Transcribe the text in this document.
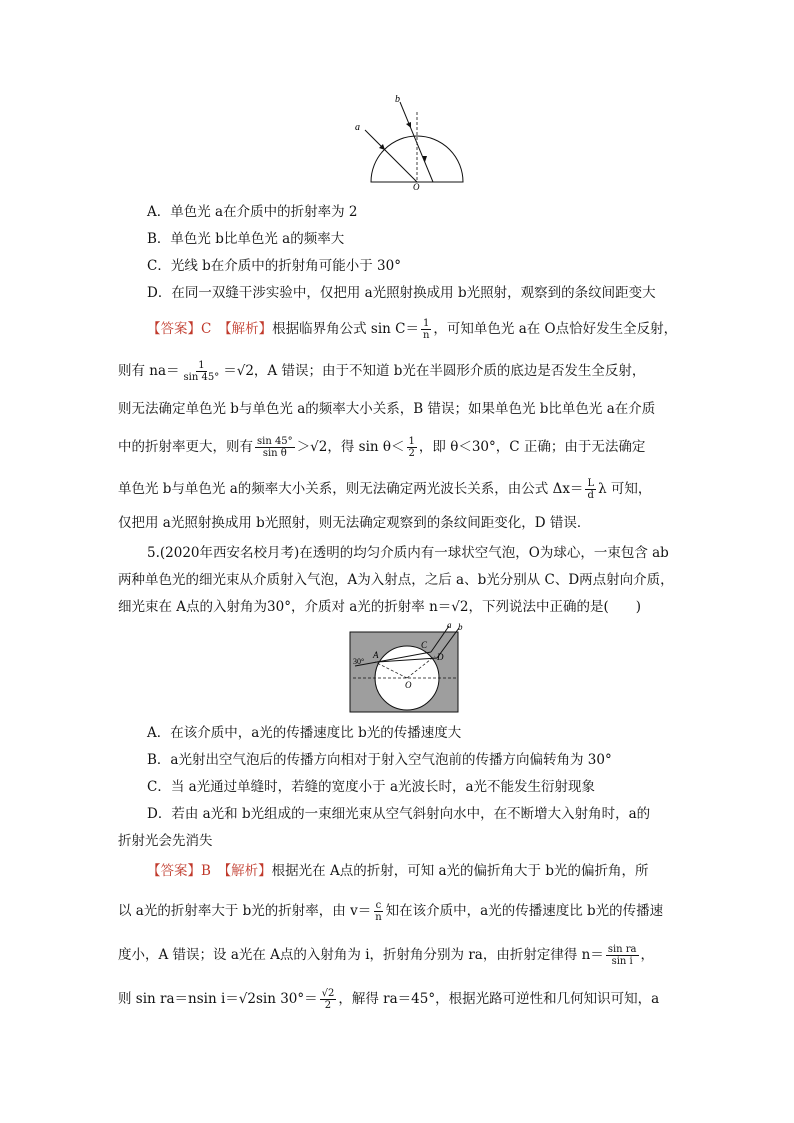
a
b
O
A．单色光 a在介质中的折射率为 2
B．单色光 b比单色光 a的频率大
C．光线 b在介质中的折射角可能小于 30°
D．在同一双缝干涉实验中，仅把用 a光照射换成用 b光照射，观察到的条纹间距变大
【答案】C　 【解析】根据临界角公式 $\sin C= \frac{1}{n}$ ，可知单色光 a在 O点恰好发生全反射，
则有 $na= \frac{1}{\sin 45^\circ} =√2$，A 错误；由于不知道 b光在半圆形介质的底边是否发生全反射，
则无法确定单色光 b与单色光 a的频率大小关系，B 错误；如果单色光 b比单色光 a在介质
中的折射率更大，则有 $\frac{\sin 45^\circ}{\text{sin θ}} >√2$，得 $\sin \theta< \frac{1}{2}$ ，即 θ＜30°，C 正确；由于无法确定
单色光 b与单色光 a的频率大小关系，则无法确定两光波长关系，由公式 $\Delta x= \frac{L}{d}$ λ 可知，
仅把用 a光照射换成用 b光照射，则无法确定观察到的条纹间距变化，D 错误．
5.(2020年西安名校月考)在透明的均匀介质内有一球状空气泡，O为球心，一束包含 ab
两种单色光的细光束从介质射入气泡，A为入射点，之后 a、b光分别从 C、D两点射向介质，
细光束在 A点的入射角为30°，介质对 a光的折射率 n＝√2，下列说法中正确的是(　　)
a b
C
D
A
O
30°
A．在该介质中，a光的传播速度比 b光的传播速度大
B．a光射出空气泡后的传播方向相对于射入空气泡前的传播方向偏转角为 30°
C．当 a光通过单缝时，若缝的宽度小于 a光波长时，a光不能发生衍射现象
D．若由 a光和 b光组成的一束细光束从空气斜射向水中，在不断增大入射角时，a的
折射光会先消失
【答案】B　 【解析】根据光在 A点的折射，可知 a光的偏折角大于 b光的偏折角，所
以 a光的折射率大于 b光的折射率，由 $v= \frac{c}{n}$ 知在该介质中，a光的传播速度比 b光的传播速
度小，A 错误；设 a光在 A点的入射角为 i，折射角分别为 ra，由折射定律得 $n= \frac{\text{sin ra}}{\text{sin i}}$ ，
则 sin ra＝nsin i＝√2sin $30^\circ= \frac{√2}{2}$ ，解得 ra＝45°，根据光路可逆性和几何知识可知，a
